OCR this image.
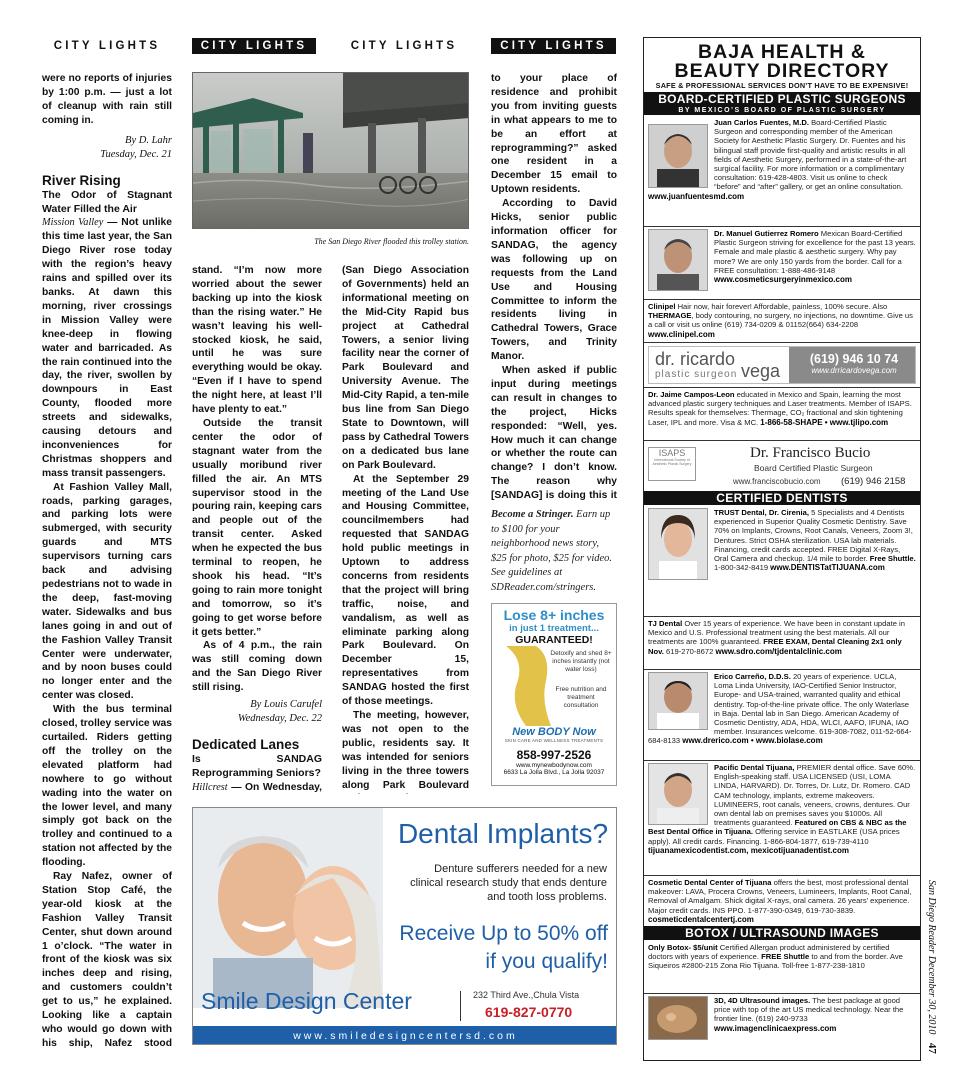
CITY LIGHTS	CITY LIGHTS	CITY LIGHTS	CITY LIGHTS

were no reports of injuries by 1:00 p.m. — just a lot of cleanup with rain still coming in.

By D. Lahr
Tuesday, Dec. 21
River Rising
The Odor of Stagnant Water Filled the Air

Mission Valley — Not unlike this time last year, the San Diego River rose today with the region’s heavy rains and spilled over its banks. At dawn this morning, river crossings in Mission Valley were knee-deep in flowing water and barricaded. As the rain continued into the day, the river, swollen by downpours in East County, flooded more streets and sidewalks, causing detours and inconveniences for Christmas shoppers and mass transit passengers.

At Fashion Valley Mall, roads, parking garages, and parking lots were submerged, with security guards and MTS supervisors turning cars back and advising pedestrians not to wade in the deep, fast-moving water. Sidewalks and bus lanes going in and out of the Fashion Valley Transit Center were underwater, and by noon buses could no longer enter and the center was closed.

With the bus terminal closed, trolley service was curtailed. Riders getting off the trolley on the elevated platform had nowhere to go without wading into the water on the lower level, and many simply got back on the trolley and continued to a station not affected by the flooding.

Ray Nafez, owner of Station Stop Café, the year-old kiosk at the Fashion Valley Transit Center, shut down around 1 o’clock. “The water in front of the kiosk was six inches deep and rising, and customers couldn’t get to us,” he explained. Looking like a captain who would go down with his ship, Nafez stood

The San Diego River flooded this trolley station.

stand. “I’m now more worried about the sewer backing up into the kiosk than the rising water.” He wasn’t leaving his well-stocked kiosk, he said, until he was sure everything would be okay. “Even if I have to spend the night here, at least I’ll have plenty to eat.”

Outside the transit center the odor of stagnant water from the usually moribund river filled the air. An MTS supervisor stood in the pouring rain, keeping cars and people out of the transit center. Asked when he expected the bus terminal to reopen, he shook his head. “It’s going to rain more tonight and tomorrow, so it’s going to get worse before it gets better.”

As of 4 p.m., the rain was still coming down and the San Diego River still rising.

By Louis Carufel
Wednesday, Dec. 22
Dedicated Lanes
Is SANDAG Reprogramming Seniors?

Hillcrest — On Wednesday,

(San Diego Association of Governments) held an informational meeting on the Mid-City Rapid bus project at Cathedral Towers, a senior living facility near the corner of Park Boulevard and University Avenue. The Mid-City Rapid, a ten-mile bus line from San Diego State to Downtown, will pass by Cathedral Towers on a dedicated bus lane on Park Boulevard.

At the September 29 meeting of the Land Use and Housing Committee, councilmembers had requested that SANDAG hold public meetings in Uptown to address concerns from residents that the project will bring traffic, noise, and vandalism, as well as eliminate parking along Park Boulevard. On December 15, representatives from SANDAG hosted the first of those meetings.

The meeting, however, was not open to the public, residents say. It was intended for seniors living in the three towers along Park Boulevard

to your place of residence and prohibit you from inviting guests in what appears to me to be an effort at reprogramming?” asked one resident in a December 15 email to Uptown residents.

According to David Hicks, senior public information officer for SANDAG, the agency was following up on requests from the Land Use and Housing Committee to inform the residents living in Cathedral Towers, Grace Towers, and Trinity Manor.

When asked if public input during meetings can result in changes to the project, Hicks responded: “Well, yes. How much it can change or whether the route can change? I don’t know. The reason why [SANDAG] is doing this it

Become a Stringer. Earn up to $100 for your neighborhood news story, $25 for photo, $25 for video. See guidelines at SDReader.com/stringers.
Lose 8+ inches
in just 1 treatment...
GUARANTEED!
Detoxify and shed 8+ inches instantly (not water loss)
Free nutrition and treatment consultation
New BODY Now
SKIN CARE AND WELLNESS TREATMENTS
858-997-2526
www.mynewbodynow.com
6633 La Jolla Blvd., La Jolla 92037
Dental Implants?
Denture sufferers needed for a new clinical research study that ends denture and tooth loss problems.
Receive Up to 50% off
if you qualify!
Smile Design Center	232 Third Ave.,Chula Vista
619-827-0770
www.smiledesigncentersd.com
BAJA HEALTH &
BEAUTY DIRECTORY
SAFE & PROFESSIONAL SERVICES DON’T HAVE TO BE EXPENSIVE!
BOARD-CERTIFIED PLASTIC SURGEONS
BY MEXICO’S BOARD OF PLASTIC SURGERY
Juan Carlos Fuentes, M.D. Board-Certified Plastic Surgeon and corresponding member of the American Society for Aesthetic Plastic Surgery. Dr. Fuentes and his bilingual staff provide first-quality and artistic results in all fields of Aesthetic Surgery, performed in a state-of-the-art surgical facility. For more information or a complimentary consultation: 619-428-4803. Visit us online to check “before” and “after” gallery, or get an online consultation. www.juanfuentesmd.com
Dr. Manuel Gutierrez Romero Mexican Board-Certified Plastic Surgeon striving for excellence for the past 13 years. Female and male plastic & aesthetic surgery. Why pay more? We are only 150 yards from the border. Call for a FREE consultation: 1-888-486-9148 www.cosmeticsurgeryinmexico.com
Clinipel Hair now, hair forever! Affordable, painless, 100% secure. Also THERMAGE, body contouring, no surgery, no injections, no downtime. Give us a call or visit us online (619) 734-0209 & 01152(664) 634-2208 www.clinipel.com
dr. ricardo
plastic surgeon vega
(619) 946 10 74
www.drricardovega.com
Dr. Jaime Campos-Leon educated in Mexico and Spain, learning the most advanced plastic surgery techniques and Laser treatments. Member of ISAPS. Results speak for themselves: Thermage, CO₂ fractional and skin tightening Laser, IPL and more. Visa & MC. 1-866-58-SHAPE • www.tjlipo.com
ISAPS
International Society of Aesthetic Plastic Surgery
Dr. Francisco Bucio
Board Certified Plastic Surgeon
www.franciscobucio.com (619) 946 2158
CERTIFIED DENTISTS
TRUST Dental, Dr. Cirenia, 5 Specialists and 4 Dentists experienced in Superior Quality Cosmetic Dentistry. Save 70% on Implants, Crowns, Root Canals, Veneers, Zoom 3!, Dentures. Strict OSHA sterilization. USA lab materials. Financing, credit cards accepted. FREE Digital X-Rays, Oral Camera and checkup. 1/4 mile to border. Free Shuttle. 1-800-342-8419 www.DENTISTatTIJUANA.com
TJ Dental Over 15 years of experience. We have been in constant update in Mexico and U.S. Professional treatment using the best materials. All our treatments are 100% guaranteed. FREE EXAM, Dental Cleaning 2x1 only Nov. 619-270-8672 www.sdro.com/tjdentalclinic.com
Erico Carreño, D.D.S. 20 years of experience. UCLA, Loma Linda University, IAO-Certified Senior Instructor, Europe- and USA-trained, warranted quality and ethical dentistry. Top-of-the-line private office. The only Waterlase in Baja. Dental lab in San Diego. American Academy of Cosmetic Dentistry, ADA, HDA, WLCI, AAFO, IFUNA, IAO member. Insurances welcome. 619-308-7082, 011-52-664-684-8133 www.drerico.com • www.biolase.com
Pacific Dental Tijuana, PREMIER dental office. Save 60%. English-speaking staff. USA LICENSED (USI, LOMA LINDA, HARVARD). Dr. Torres, Dr. Lutz, Dr. Romero. CAD CAM technology, implants, extreme makeovers. LUMINEERS, root canals, veneers, crowns, dentures. Our own dental lab on premises saves you $1000s. All treatments guaranteed. Featured on CBS & NBC as the Best Dental Office in Tijuana. Offering service in EASTLAKE (USA prices apply). All credit cards. Financing. 1-866-804-1877, 619-739-4110 tijuanamexicodentist.com, mexicotijuanadentist.com
Cosmetic Dental Center of Tijuana offers the best, most professional dental makeover: LAVA, Procera Crowns, Veneers, Lumineers, Implants, Root Canal, Removal of Amalgam. Shick digital X-rays, oral camera. 26 years’ experience. Major credit cards. INS PPO. 1-877-390-0349, 619-730-3839. cosmeticdentalcentertj.com
BOTOX / ULTRASOUND IMAGES
Only Botox- $5/unit Certified Allergan product administered by certified doctors with years of experience. FREE Shuttle to and from the border. Ave Siqueiros #2800-215 Zona Rio Tijuana. Toll-free 1-877-238-1810
3D, 4D Ultrasound images. The best package at good price with top of the art US medical technology. Near the frontier line. (619) 240-9733 www.imagenclinicaexpress.com	San Diego Reader December 30, 2010 47
